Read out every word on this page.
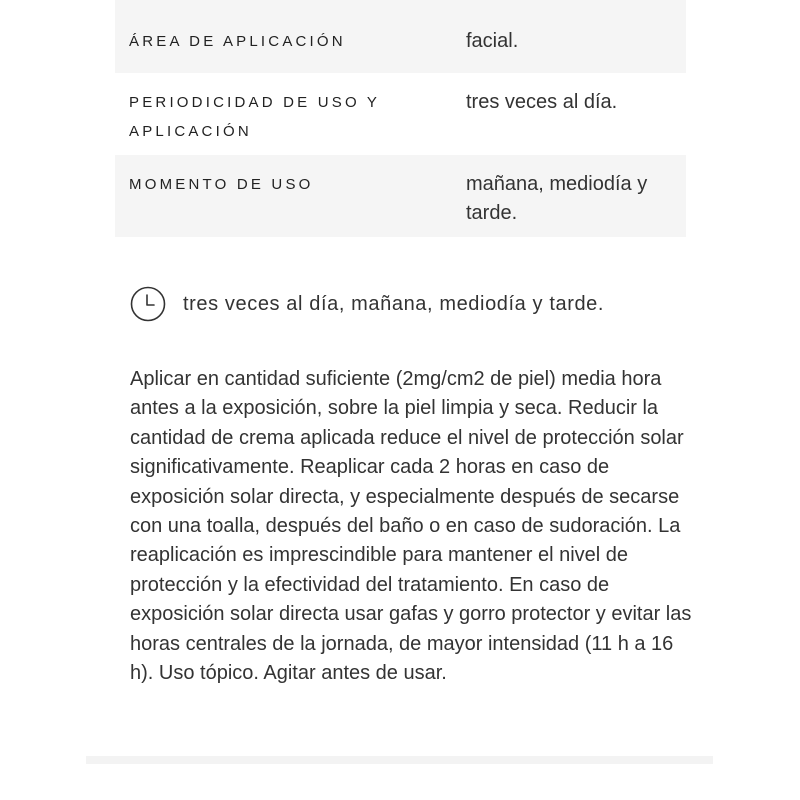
ÁREA DE APLICACIÓN	facial.
PERIODICIDAD DE USO Y APLICACIÓN
tres veces al día.
MOMENTO DE USO	mañana, mediodía y tarde.
tres veces al día, mañana, mediodía y tarde.

Aplicar en cantidad suficiente (2mg/cm2 de piel) media hora antes a la exposición, sobre la piel limpia y seca. Reducir la cantidad de crema aplicada reduce el nivel de protección solar significativamente. Reaplicar cada 2 horas en caso de exposición solar directa, y especialmente después de secarse con una toalla, después del baño o en caso de sudoración. La reaplicación es imprescindible para mantener el nivel de protección y la efectividad del tratamiento. En caso de exposición solar directa usar gafas y gorro protector y evitar las horas centrales de la jornada, de mayor intensidad (11 h a 16 h). Uso tópico. Agitar antes de usar.
